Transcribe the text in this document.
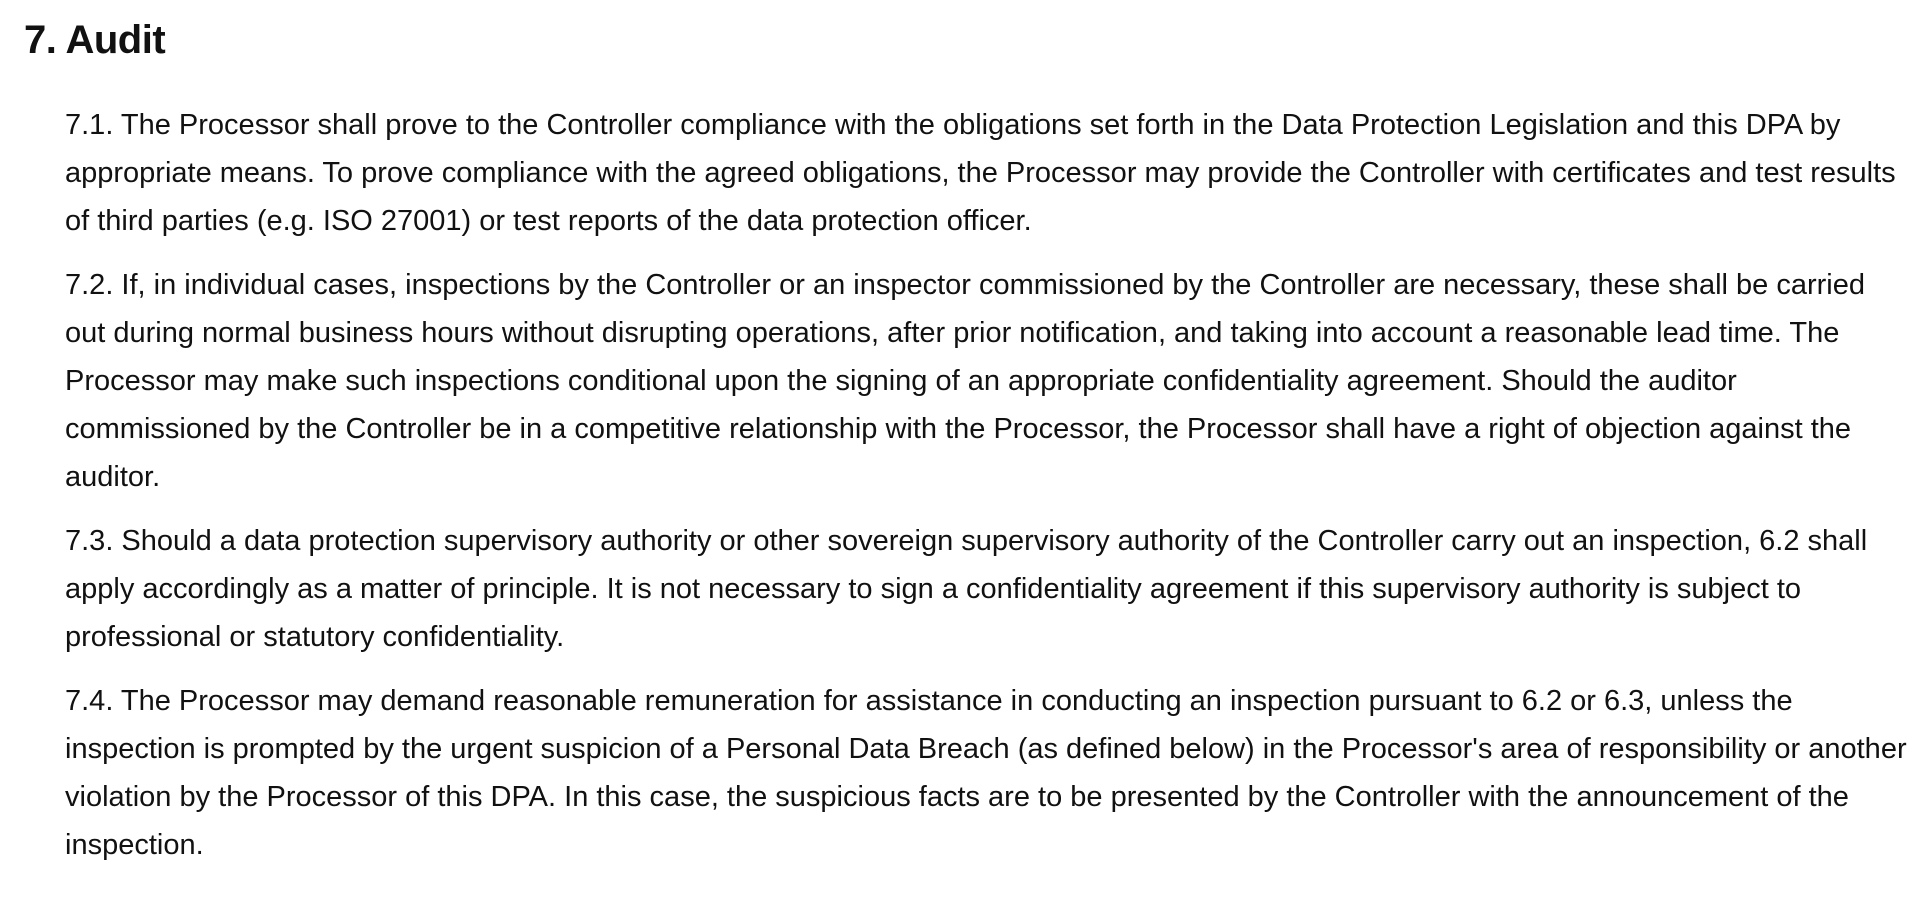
7. Audit

7.1. The Processor shall prove to the Controller compliance with the obligations set forth in the Data Protection Legislation and this DPA by appropriate means. To prove compliance with the agreed obligations, the Processor may provide the Controller with certificates and test results of third parties (e.g. ISO 27001) or test reports of the data protection officer.

7.2. If, in individual cases, inspections by the Controller or an inspector commissioned by the Controller are necessary, these shall be carried out during normal business hours without disrupting operations, after prior notification, and taking into account a reasonable lead time. The Processor may make such inspections conditional upon the signing of an appropriate confidentiality agreement. Should the auditor commissioned by the Controller be in a competitive relationship with the Processor, the Processor shall have a right of objection against the auditor.

7.3. Should a data protection supervisory authority or other sovereign supervisory authority of the Controller carry out an inspection, 6.2 shall apply accordingly as a matter of principle. It is not necessary to sign a confidentiality agreement if this supervisory authority is subject to professional or statutory confidentiality.

7.4. The Processor may demand reasonable remuneration for assistance in conducting an inspection pursuant to 6.2 or 6.3, unless the inspection is prompted by the urgent suspicion of a Personal Data Breach (as defined below) in the Processor's area of responsibility or another violation by the Processor of this DPA. In this case, the suspicious facts are to be presented by the Controller with the announcement of the inspection.
